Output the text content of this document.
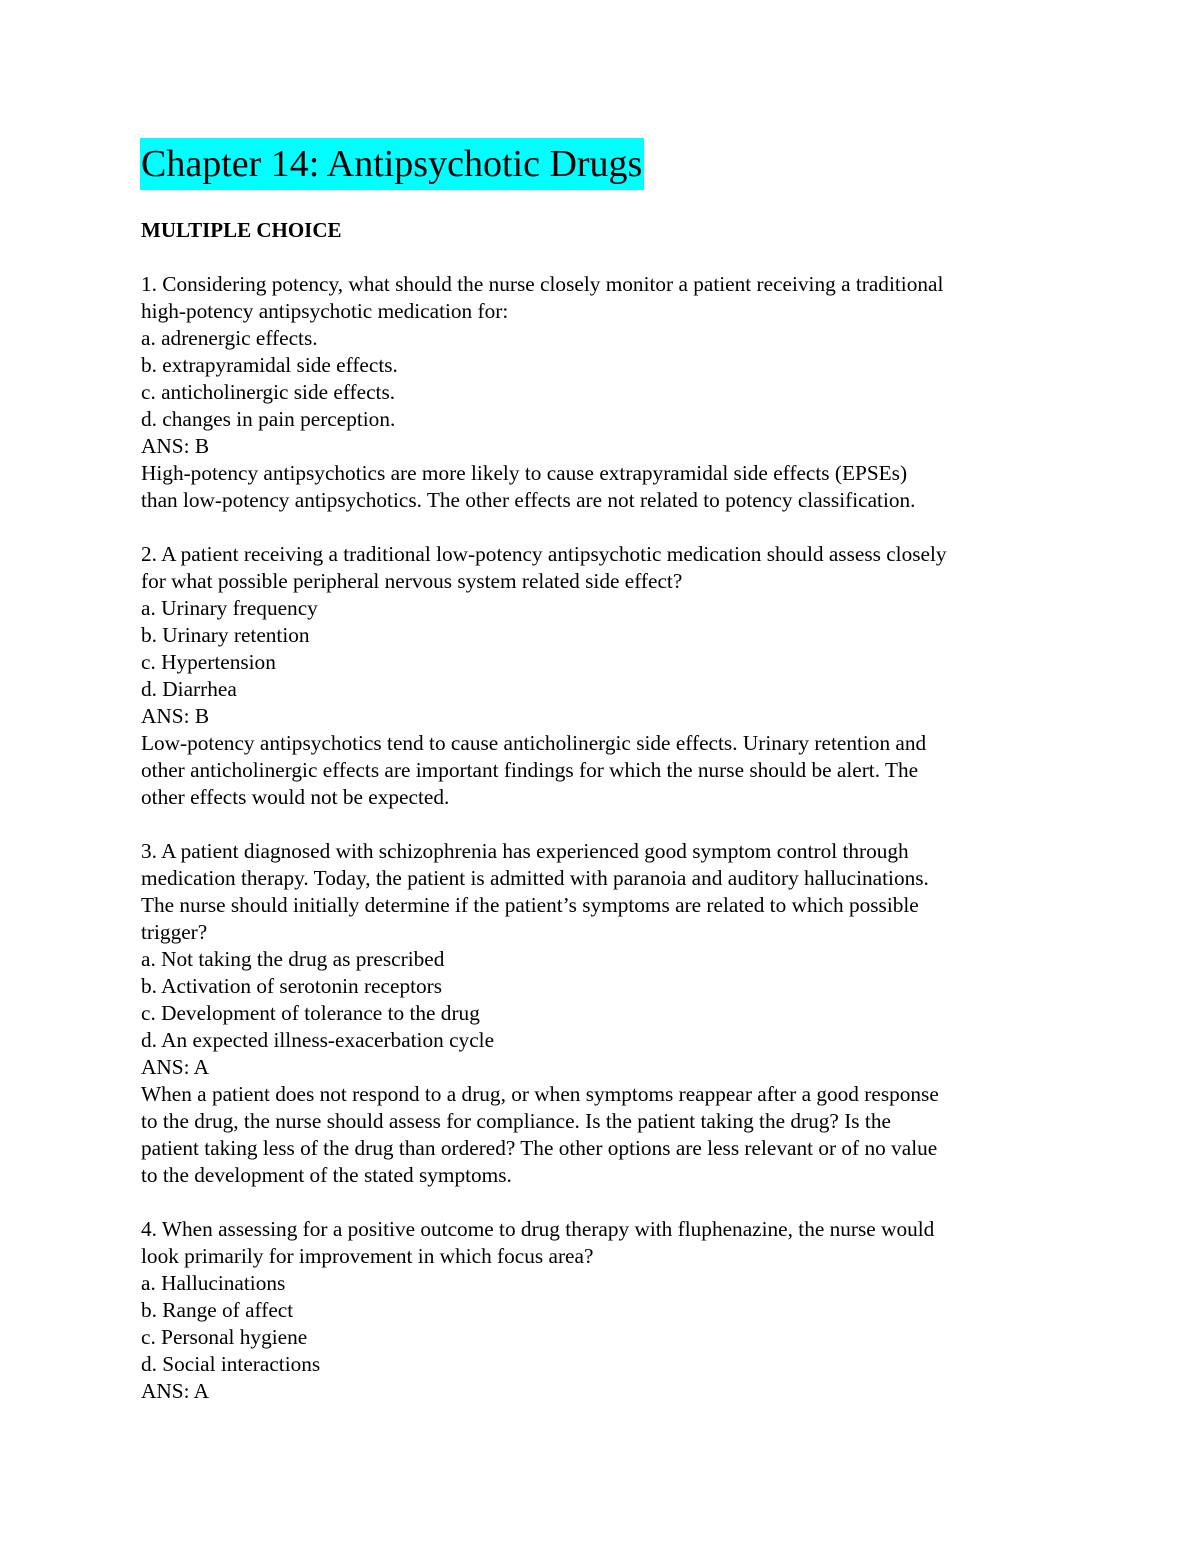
Chapter 14: Antipsychotic Drugs
MULTIPLE CHOICE

1. Considering potency, what should the nurse closely monitor a patient receiving a traditional

high-potency antipsychotic medication for:

a. adrenergic effects.

b. extrapyramidal side effects.

c. anticholinergic side effects.

d. changes in pain perception.

ANS: B

High-potency antipsychotics are more likely to cause extrapyramidal side effects (EPSEs)

than low-potency antipsychotics. The other effects are not related to potency classification.

2. A patient receiving a traditional low-potency antipsychotic medication should assess closely

for what possible peripheral nervous system related side effect?

a. Urinary frequency

b. Urinary retention

c. Hypertension

d. Diarrhea

ANS: B

Low-potency antipsychotics tend to cause anticholinergic side effects. Urinary retention and

other anticholinergic effects are important findings for which the nurse should be alert. The

other effects would not be expected.

3. A patient diagnosed with schizophrenia has experienced good symptom control through

medication therapy. Today, the patient is admitted with paranoia and auditory hallucinations.

The nurse should initially determine if the patient’s symptoms are related to which possible

trigger?

a. Not taking the drug as prescribed

b. Activation of serotonin receptors

c. Development of tolerance to the drug

d. An expected illness-exacerbation cycle

ANS: A

When a patient does not respond to a drug, or when symptoms reappear after a good response

to the drug, the nurse should assess for compliance. Is the patient taking the drug? Is the

patient taking less of the drug than ordered? The other options are less relevant or of no value

to the development of the stated symptoms.

4. When assessing for a positive outcome to drug therapy with fluphenazine, the nurse would

look primarily for improvement in which focus area?

a. Hallucinations

b. Range of affect

c. Personal hygiene

d. Social interactions

ANS: A
